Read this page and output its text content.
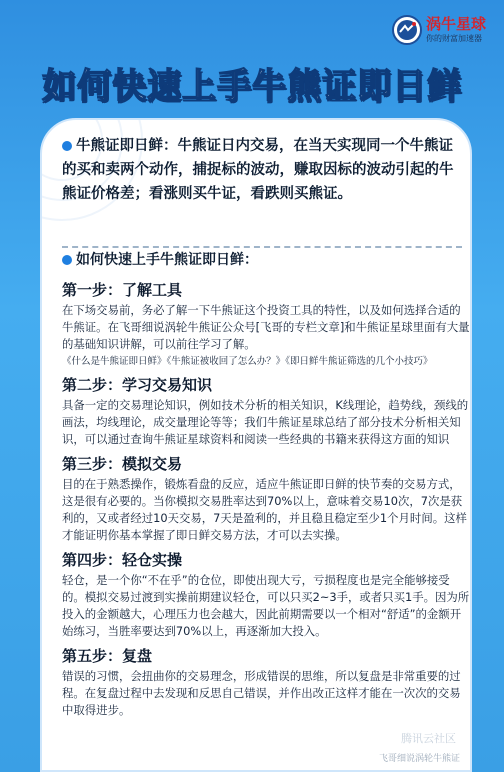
涡牛星球
你的财富加速器
如何快速上手牛熊证即日鲜
牛熊证即日鲜：牛熊证日内交易，在当天实现同一个牛熊证的买和卖两个动作，捕捉标的波动，赚取因标的波动引起的牛熊证价格差；看涨则买牛证，看跌则买熊证。
如何快速上手牛熊证即日鲜：
第一步：了解工具
在下场交易前，务必了解一下牛熊证这个投资工具的特性，以及如何选择合适的牛熊证。在飞哥细说涡轮牛熊证公众号[飞哥的专栏文章]和牛熊证星球里面有大量的基础知识讲解，可以前往学习了解。
《什么是牛熊证即日鲜》《牛熊证被收回了怎么办？》《即日鲜牛熊证筛选的几个小技巧》
第二步：学习交易知识
具备一定的交易理论知识，例如技术分析的相关知识，K线理论，趋势线，颈线的画法，均线理论，成交量理论等等；我们牛熊证星球总结了部分技术分析相关知识，可以通过查询牛熊证星球资料和阅读一些经典的书籍来获得这方面的知识
第三步：模拟交易
目的在于熟悉操作，锻炼看盘的反应，适应牛熊证即日鲜的快节奏的交易方式，这是很有必要的。当你模拟交易胜率达到70%以上，意味着交易10次，7次是获利的，又或者经过10天交易，7天是盈利的，并且稳且稳定至少1个月时间。这样才能证明你基本掌握了即日鲜交易方法，才可以去实操。
第四步：轻仓实操
轻仓，是一个你“不在乎”的仓位，即使出现大亏，亏损程度也是完全能够接受的。模拟交易过渡到实操前期建议轻仓，可以只买2~3手，或者只买1手。因为所投入的金额越大，心理压力也会越大，因此前期需要以一个相对“舒适”的金额开始练习，当胜率要达到70%以上，再逐渐加大投入。
第五步：复盘
错误的习惯，会扭曲你的交易理念，形成错误的思维，所以复盘是非常重要的过程。在复盘过程中去发现和反思自己错误，并作出改正这样才能在一次次的交易中取得进步。
腾讯云社区
飞哥细说涡轮牛熊证
